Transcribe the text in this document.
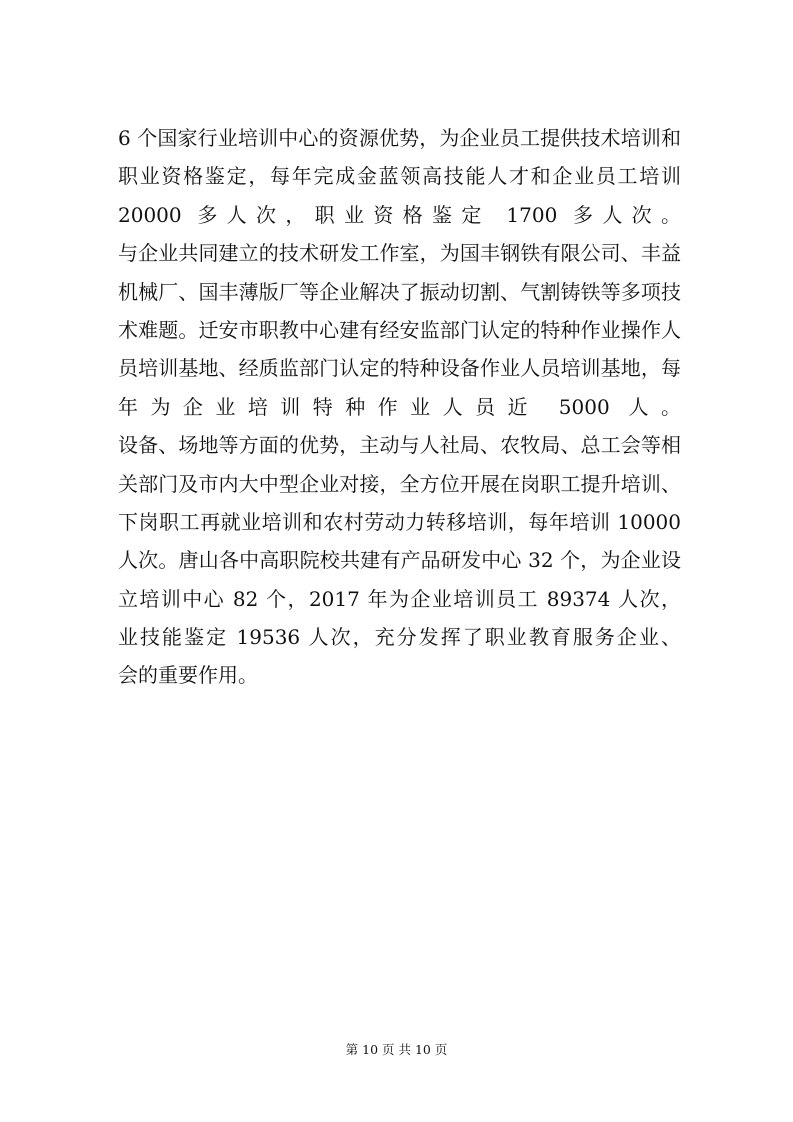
6 个国家行业培训中心的资源优势，为企业员工提供技术培训和
职业资格鉴定，每年完成金蓝领高技能人才和企业员工培训
20000 多人次，职业资格鉴定 1700 多人次。
与企业共同建立的技术研发工作室，为国丰钢铁有限公司、丰益
机械厂、国丰薄版厂等企业解决了振动切割、气割铸铁等多项技
术难题。迁安市职教中心建有经安监部门认定的特种作业操作人
员培训基地、经质监部门认定的特种设备作业人员培训基地，每
年为企业培训特种作业人员近 5000 人。
设备、场地等方面的优势，主动与人社局、农牧局、总工会等相
关部门及市内大中型企业对接，全方位开展在岗职工提升培训、
下岗职工再就业培训和农村劳动力转移培训，每年培训 10000
人次。唐山各中高职院校共建有产品研发中心 32 个，为企业设
立培训中心 82 个，2017 年为企业培训员工 89374 人次，
业技能鉴定 19536 人次，充分发挥了职业教育服务企业、
会的重要作用。
第 10 页 共 10 页
